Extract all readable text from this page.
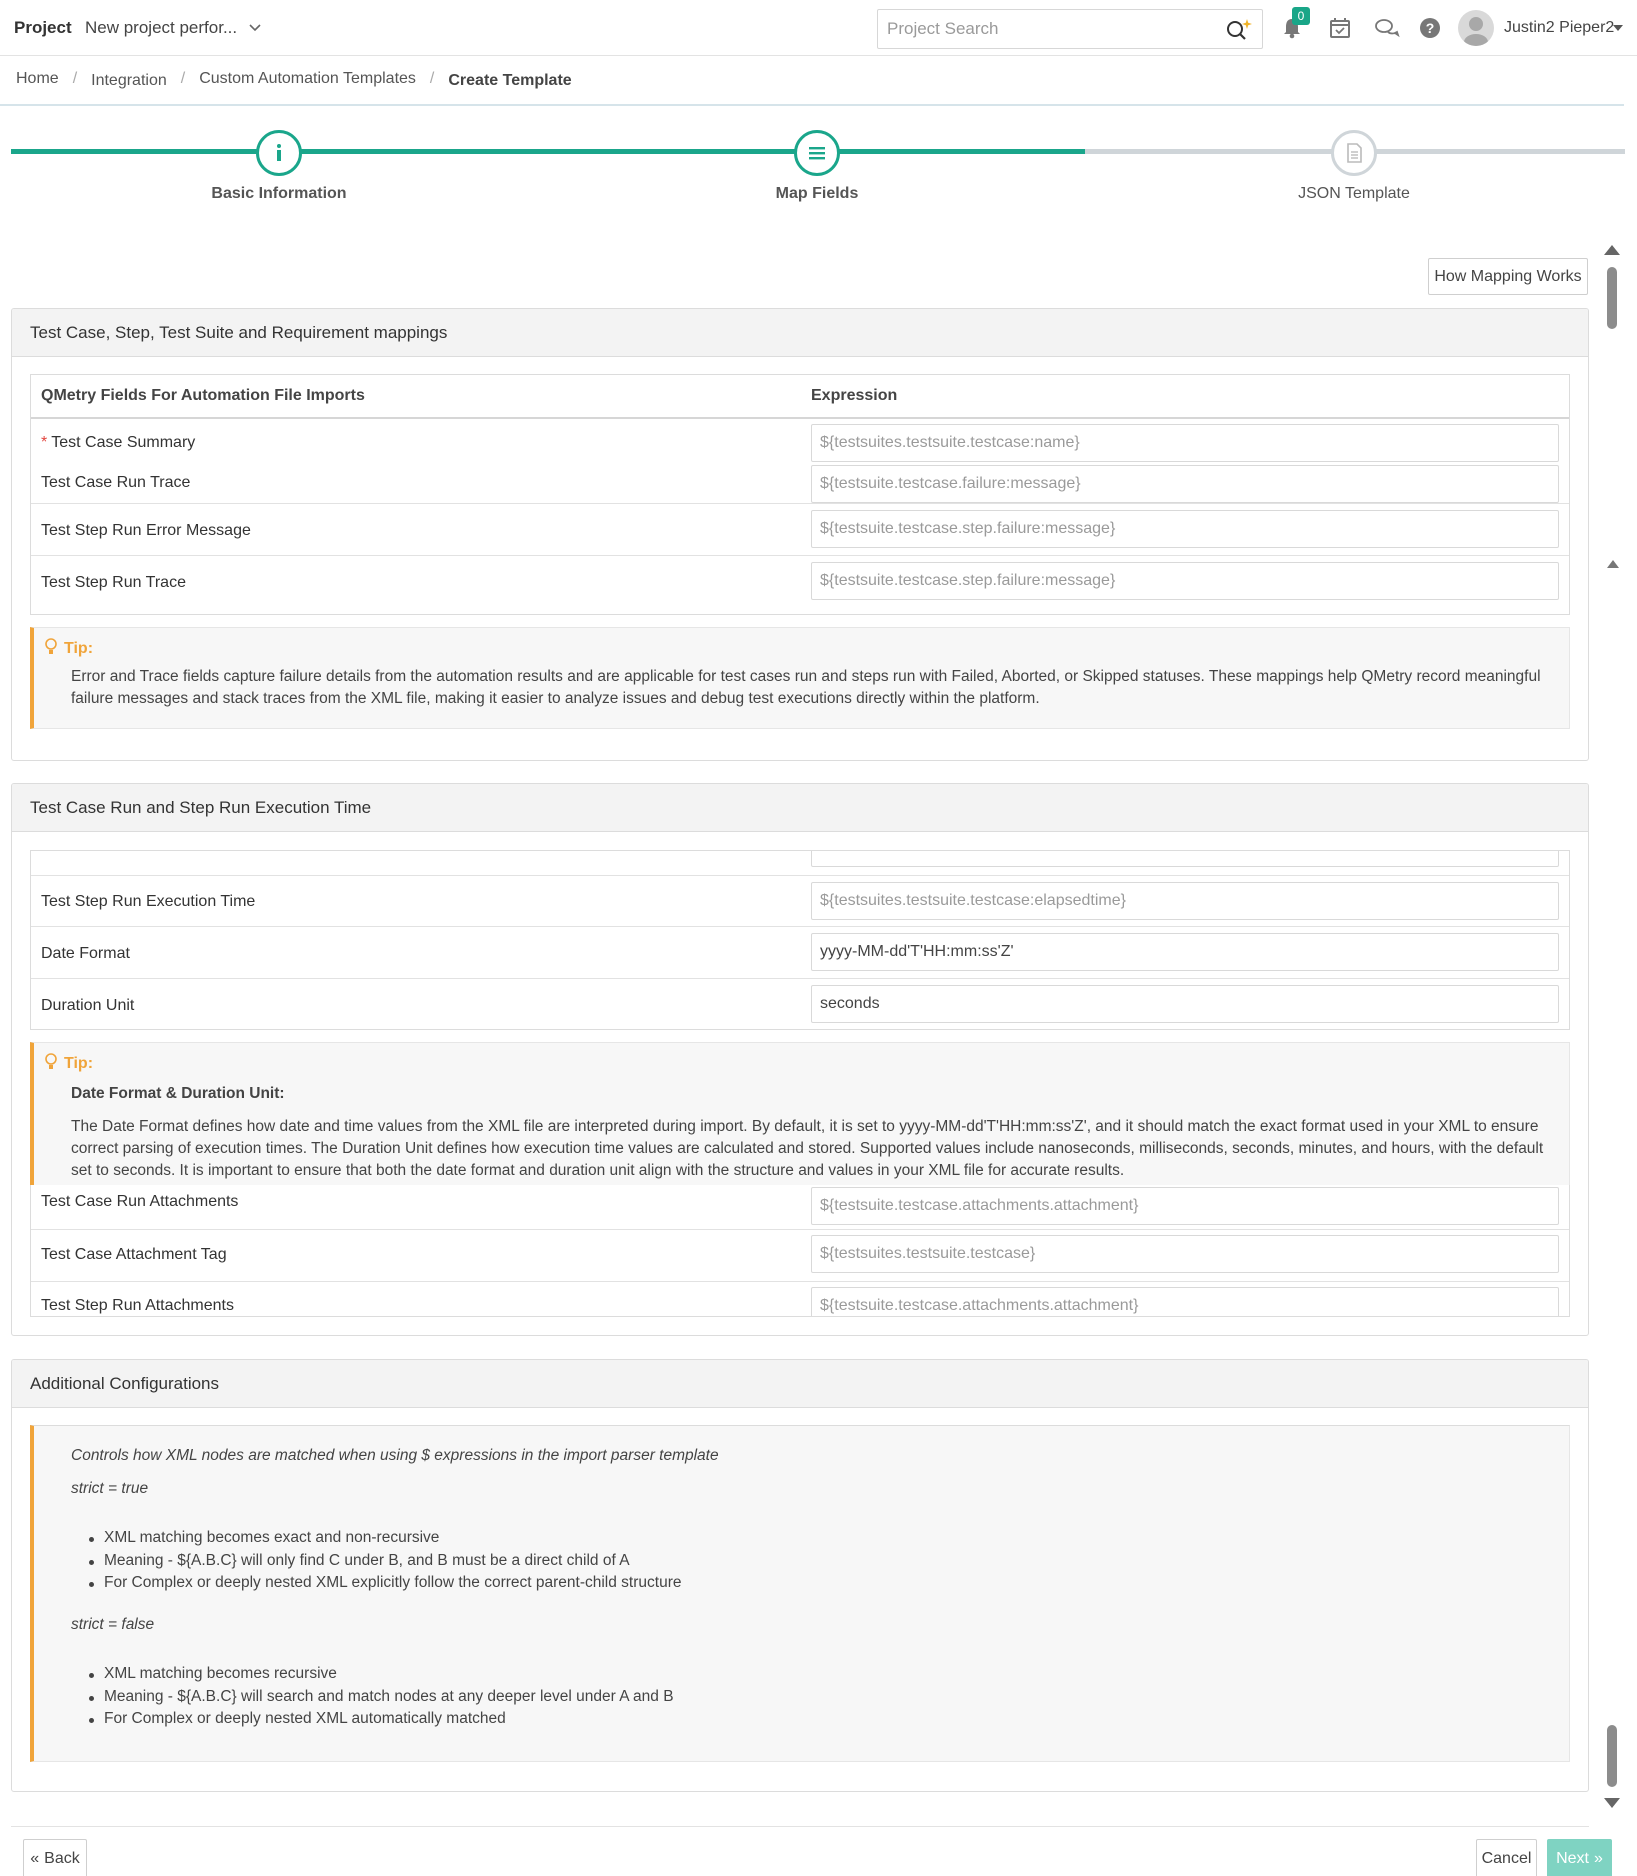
Project New project perfor...
Project Search
0
?	Justin2 Pieper2
Home / Integration / Custom Automation Templates / Create Template
Basic Information	Map Fields	JSON Template
How Mapping Works
Test Case, Step, Test Suite and Requirement mappings
QMetry Fields For Automation File Imports	Expression
* Test Case Summary	${testsuites.testsuite.testcase:name}
Test Case Run Trace	${testsuite.testcase.failure:message}
Test Step Run Error Message	${testsuite.testcase.step.failure:message}
Test Step Run Trace	${testsuite.testcase.step.failure:message}
Tip:

Error and Trace fields capture failure details from the automation results and are applicable for test cases run and steps run with Failed, Aborted, or Skipped statuses. These mappings help QMetry record meaningful failure messages and stack traces from the XML file, making it easier to analyze issues and debug test executions directly within the platform.

Test Case Run and Step Run Execution Time
Test Step Run Execution Time	${testsuites.testsuite.testcase:elapsedtime}
Date Format	yyyy-MM-dd'T'HH:mm:ss'Z'
Duration Unit	seconds
Tip:

Date Format & Duration Unit:

The Date Format defines how date and time values from the XML file are interpreted during import. By default, it is set to yyyy-MM-dd'T'HH:mm:ss'Z', and it should match the exact format used in your XML to ensure correct parsing of execution times. The Duration Unit defines how execution time values are calculated and stored. Supported values include nanoseconds, milliseconds, seconds, minutes, and hours, with the default set to seconds. It is important to ensure that both the date format and duration unit align with the structure and values in your XML file for accurate results.

Test Case Run Attachments	${testsuite.testcase.attachments.attachment}
Test Case Attachment Tag	${testsuites.testsuite.testcase}
Test Step Run Attachments	${testsuite.testcase.attachments.attachment}
Additional Configurations
Controls how XML nodes are matched when using $ expressions in the import parser template
strict = true
XML matching becomes exact and non-recursive
Meaning - ${A.B.C} will only find C under B, and B must be a direct child of A
For Complex or deeply nested XML explicitly follow the correct parent-child structure
strict = false
XML matching becomes recursive
Meaning - ${A.B.C} will search and match nodes at any deeper level under A and B
For Complex or deeply nested XML automatically matched
« Back	Cancel	Next »
